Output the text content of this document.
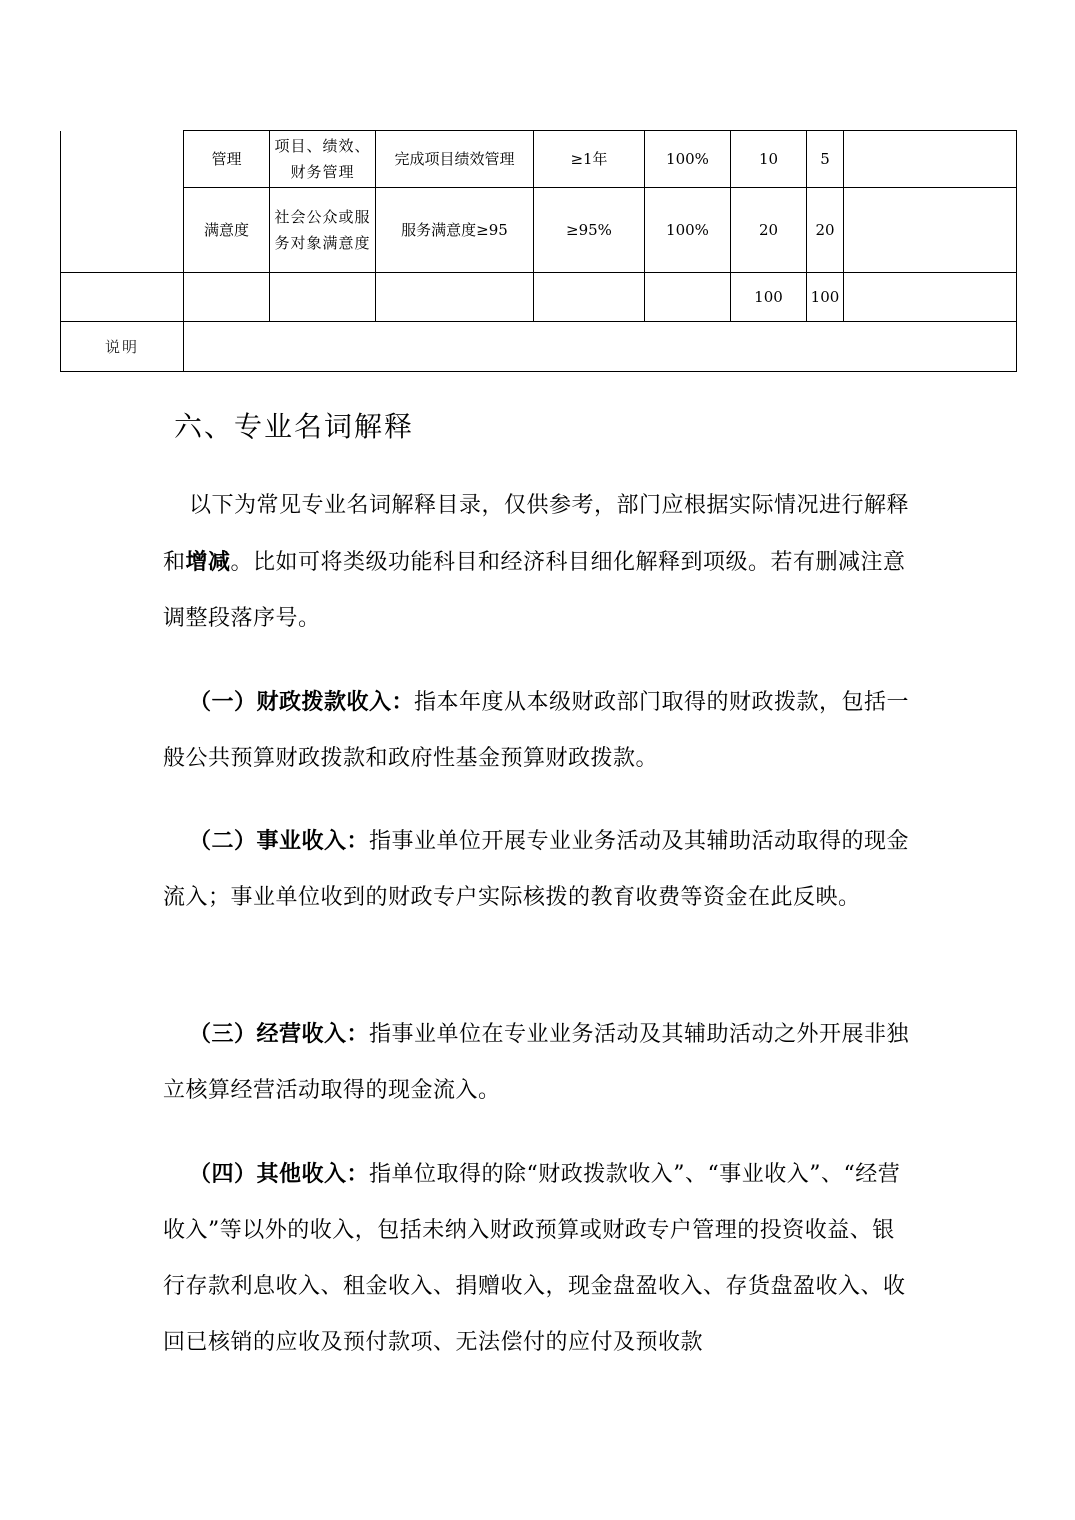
	管理	项目、绩效、财务管理	完成项目绩效管理	≥1年	100%	10	5	
	满意度	社会公众或服务对象满意度	服务满意度≥95	≥95%	100%	20	20	
						100	100	
说明								
六、专业名词解释

以下为常见专业名词解释目录，仅供参考，部门应根据实际情况进行解释和增减。比如可将类级功能科目和经济科目细化解释到项级。若有删减注意调整段落序号。

（一）财政拨款收入：指本年度从本级财政部门取得的财政拨款，包括一般公共预算财政拨款和政府性基金预算财政拨款。

（二）事业收入：指事业单位开展专业业务活动及其辅助活动取得的现金流入；事业单位收到的财政专户实际核拨的教育收费等资金在此反映。

（三）经营收入：指事业单位在专业业务活动及其辅助活动之外开展非独立核算经营活动取得的现金流入。

（四）其他收入：指单位取得的除“财政拨款收入”、“事业收入”、“经营收入”等以外的收入，包括未纳入财政预算或财政专户管理的投资收益、银行存款利息收入、租金收入、捐赠收入，现金盘盈收入、存货盘盈收入、收回已核销的应收及预付款项、无法偿付的应付及预收款
